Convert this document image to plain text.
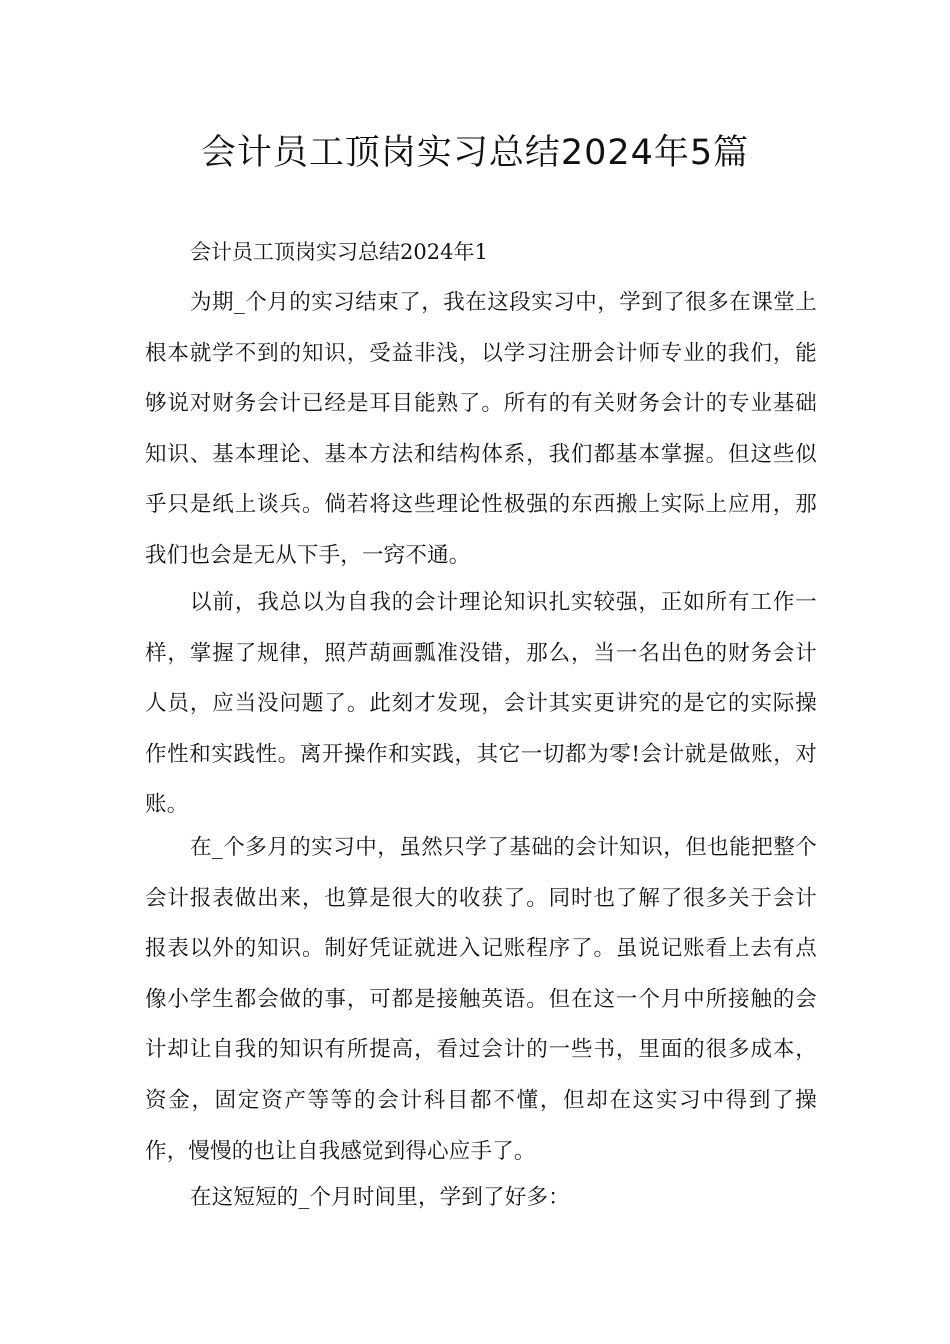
会计员工顶岗实习总结2024年5篇

会计员工顶岗实习总结2024年1

为期_个月的实习结束了，我在这段实习中，学到了很多在课堂上根本就学不到的知识，受益非浅，以学习注册会计师专业的我们，能够说对财务会计已经是耳目能熟了。所有的有关财务会计的专业基础知识、基本理论、基本方法和结构体系，我们都基本掌握。但这些似乎只是纸上谈兵。倘若将这些理论性极强的东西搬上实际上应用，那我们也会是无从下手，一窍不通。

以前，我总以为自我的会计理论知识扎实较强，正如所有工作一样，掌握了规律，照芦葫画瓢准没错，那么，当一名出色的财务会计人员，应当没问题了。此刻才发现，会计其实更讲究的是它的实际操作性和实践性。离开操作和实践，其它一切都为零!会计就是做账，对账。

在_个多月的实习中，虽然只学了基础的会计知识，但也能把整个会计报表做出来，也算是很大的收获了。同时也了解了很多关于会计报表以外的知识。制好凭证就进入记账程序了。虽说记账看上去有点像小学生都会做的事，可都是接触英语。但在这一个月中所接触的会计却让自我的知识有所提高，看过会计的一些书，里面的很多成本，资金，固定资产等等的会计科目都不懂，但却在这实习中得到了操作，慢慢的也让自我感觉到得心应手了。

在这短短的_个月时间里，学到了好多：
